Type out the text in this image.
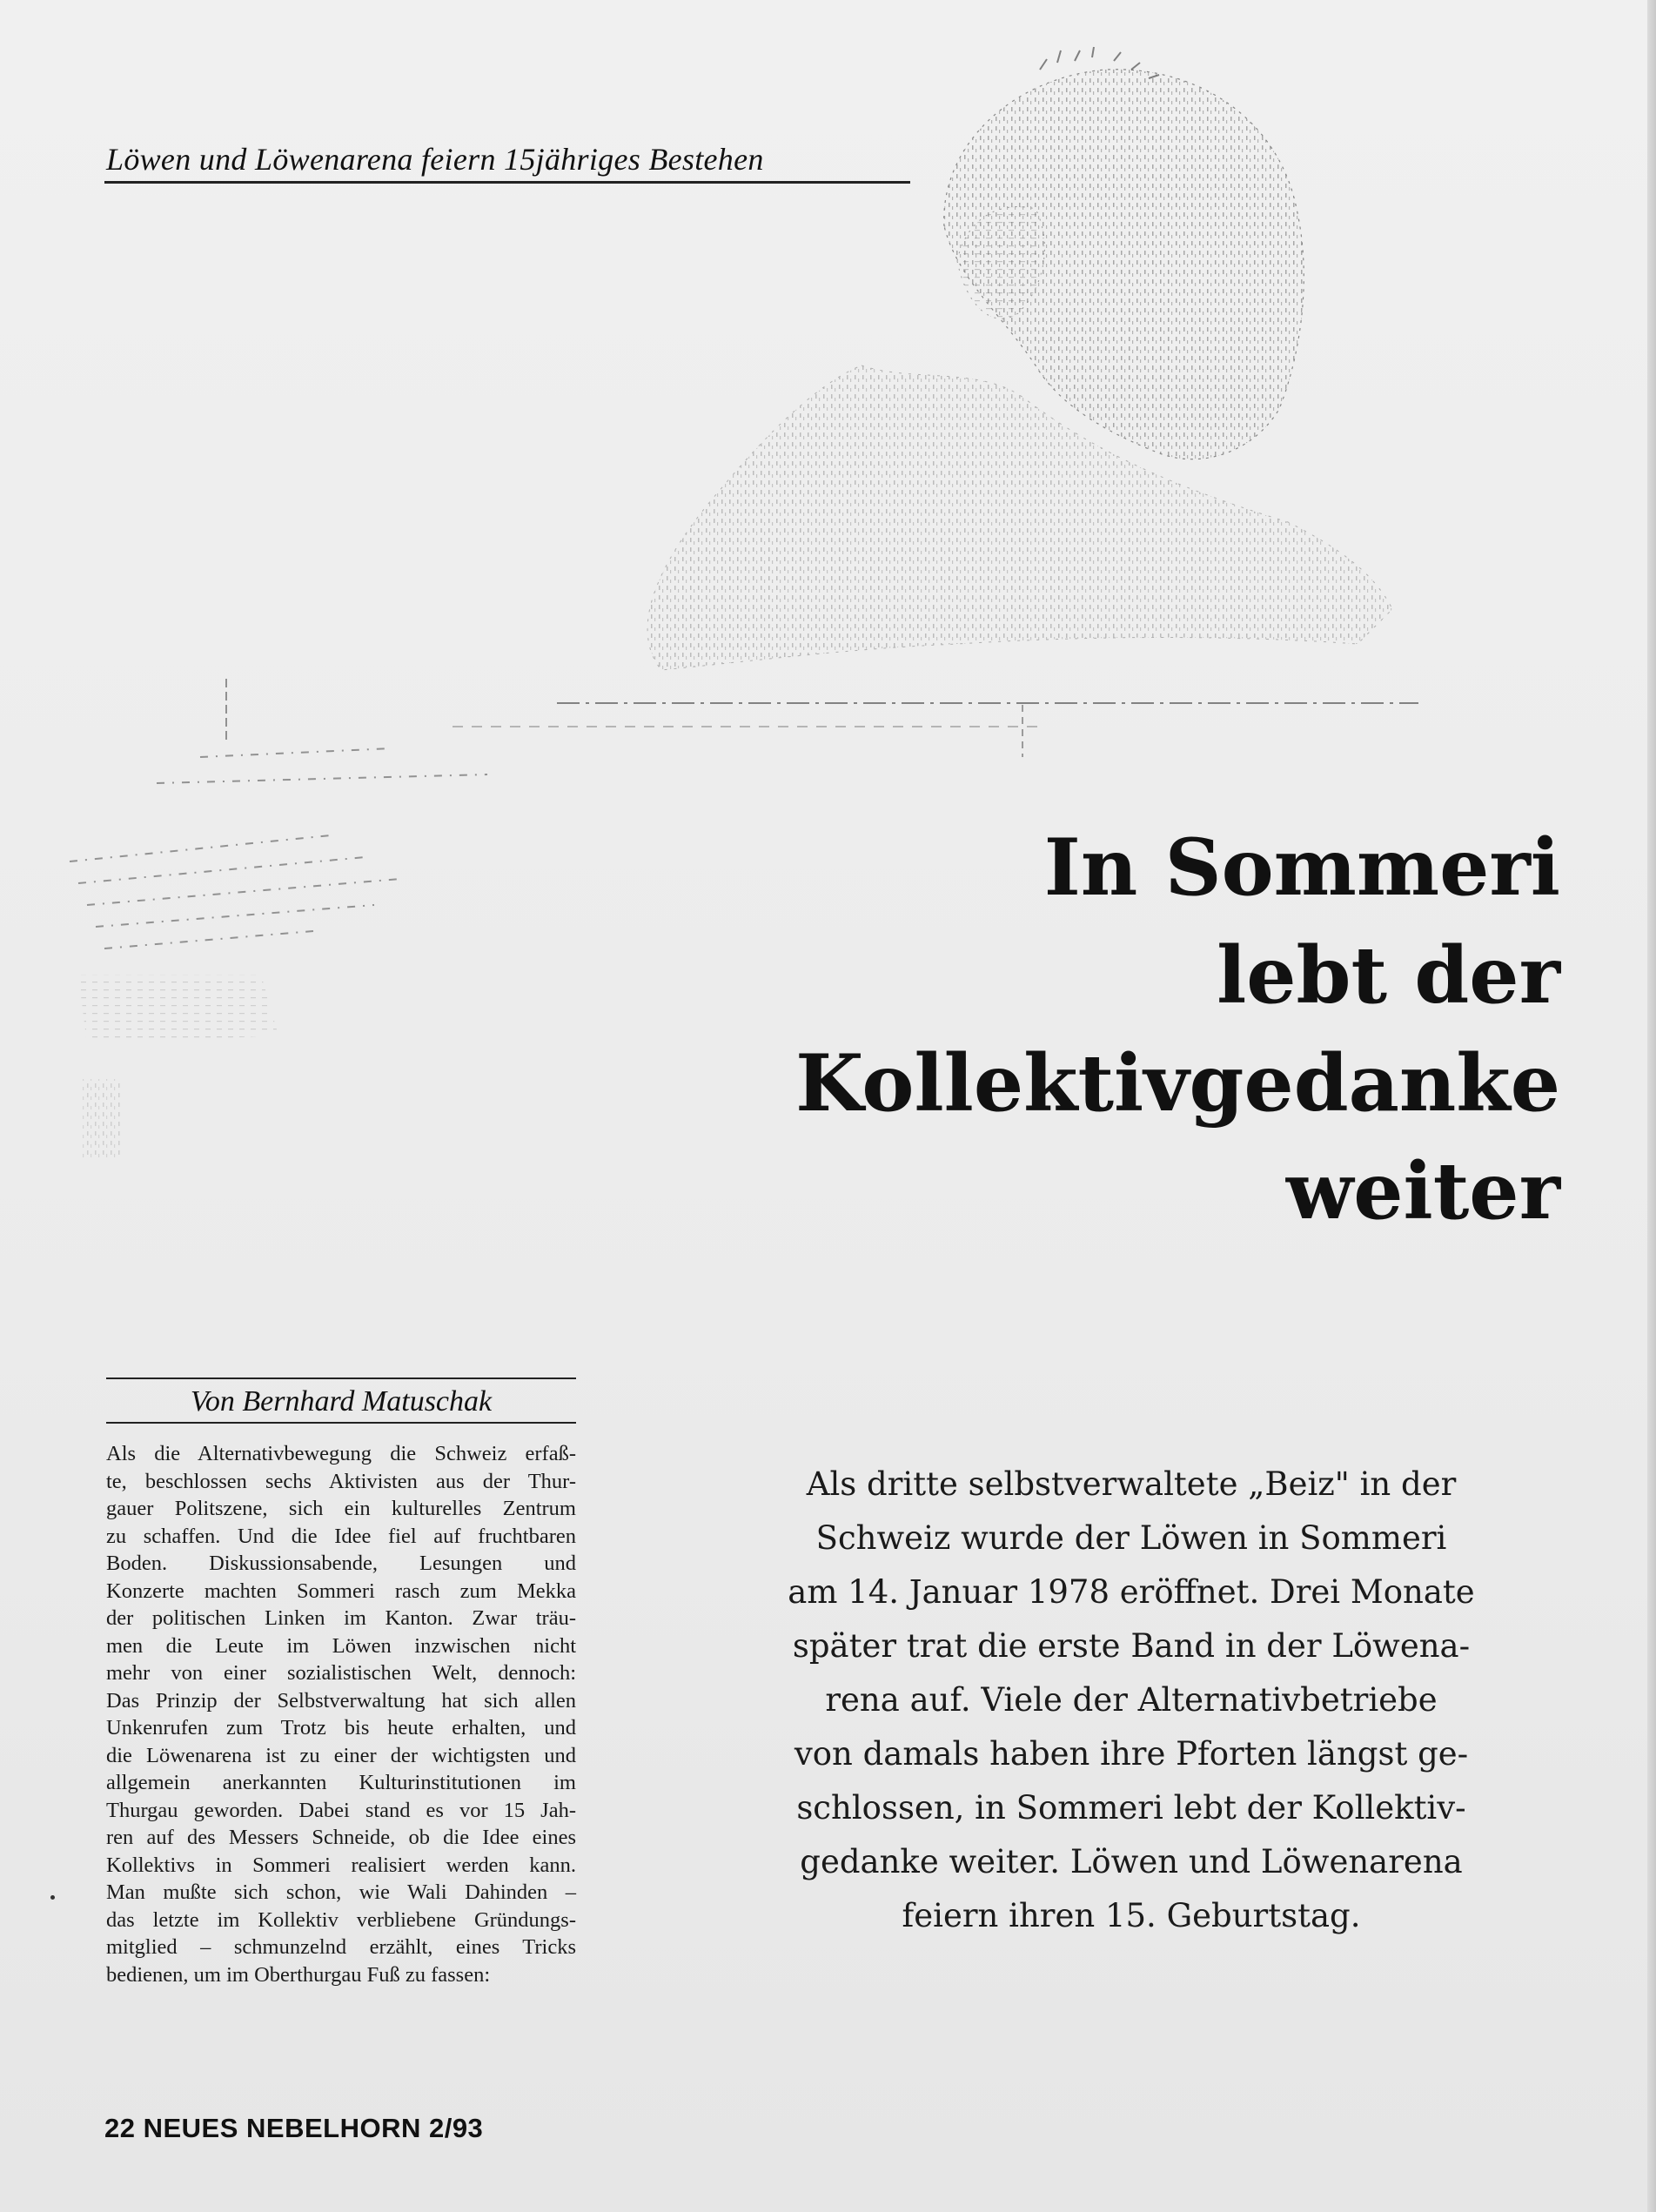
Löwen und Löwenarena feiern 15jähriges Bestehen
In Sommeri
lebt der
Kollektivgedanke
weiter
Von Bernhard Matuschak
Als die Alternativbewegung die Schweiz erfaß-
te, beschlossen sechs Aktivisten aus der Thur-
gauer Politszene, sich ein kulturelles Zentrum
zu schaffen. Und die Idee fiel auf fruchtbaren
Boden. Diskussionsabende, Lesungen und
Konzerte machten Sommeri rasch zum Mekka
der politischen Linken im Kanton. Zwar träu-
men die Leute im Löwen inzwischen nicht
mehr von einer sozialistischen Welt, dennoch:
Das Prinzip der Selbstverwaltung hat sich allen
Unkenrufen zum Trotz bis heute erhalten, und
die Löwenarena ist zu einer der wichtigsten und
allgemein anerkannten Kulturinstitutionen im
Thurgau geworden. Dabei stand es vor 15 Jah-
ren auf des Messers Schneide, ob die Idee eines
Kollektivs in Sommeri realisiert werden kann.
Man mußte sich schon, wie Wali Dahinden –
das letzte im Kollektiv verbliebene Gründungs-
mitglied – schmunzelnd erzählt, eines Tricks
bedienen, um im Oberthurgau Fuß zu fassen:
Als dritte selbstverwaltete „Beiz" in der
Schweiz wurde der Löwen in Sommeri
am 14. Januar 1978 eröffnet. Drei Monate
später trat die erste Band in der Löwena-
rena auf. Viele der Alternativbetriebe
von damals haben ihre Pforten längst ge-
schlossen, in Sommeri lebt der Kollektiv-
gedanke weiter. Löwen und Löwenarena
feiern ihren 15. Geburtstag.
22 NEUES NEBELHORN 2/93
